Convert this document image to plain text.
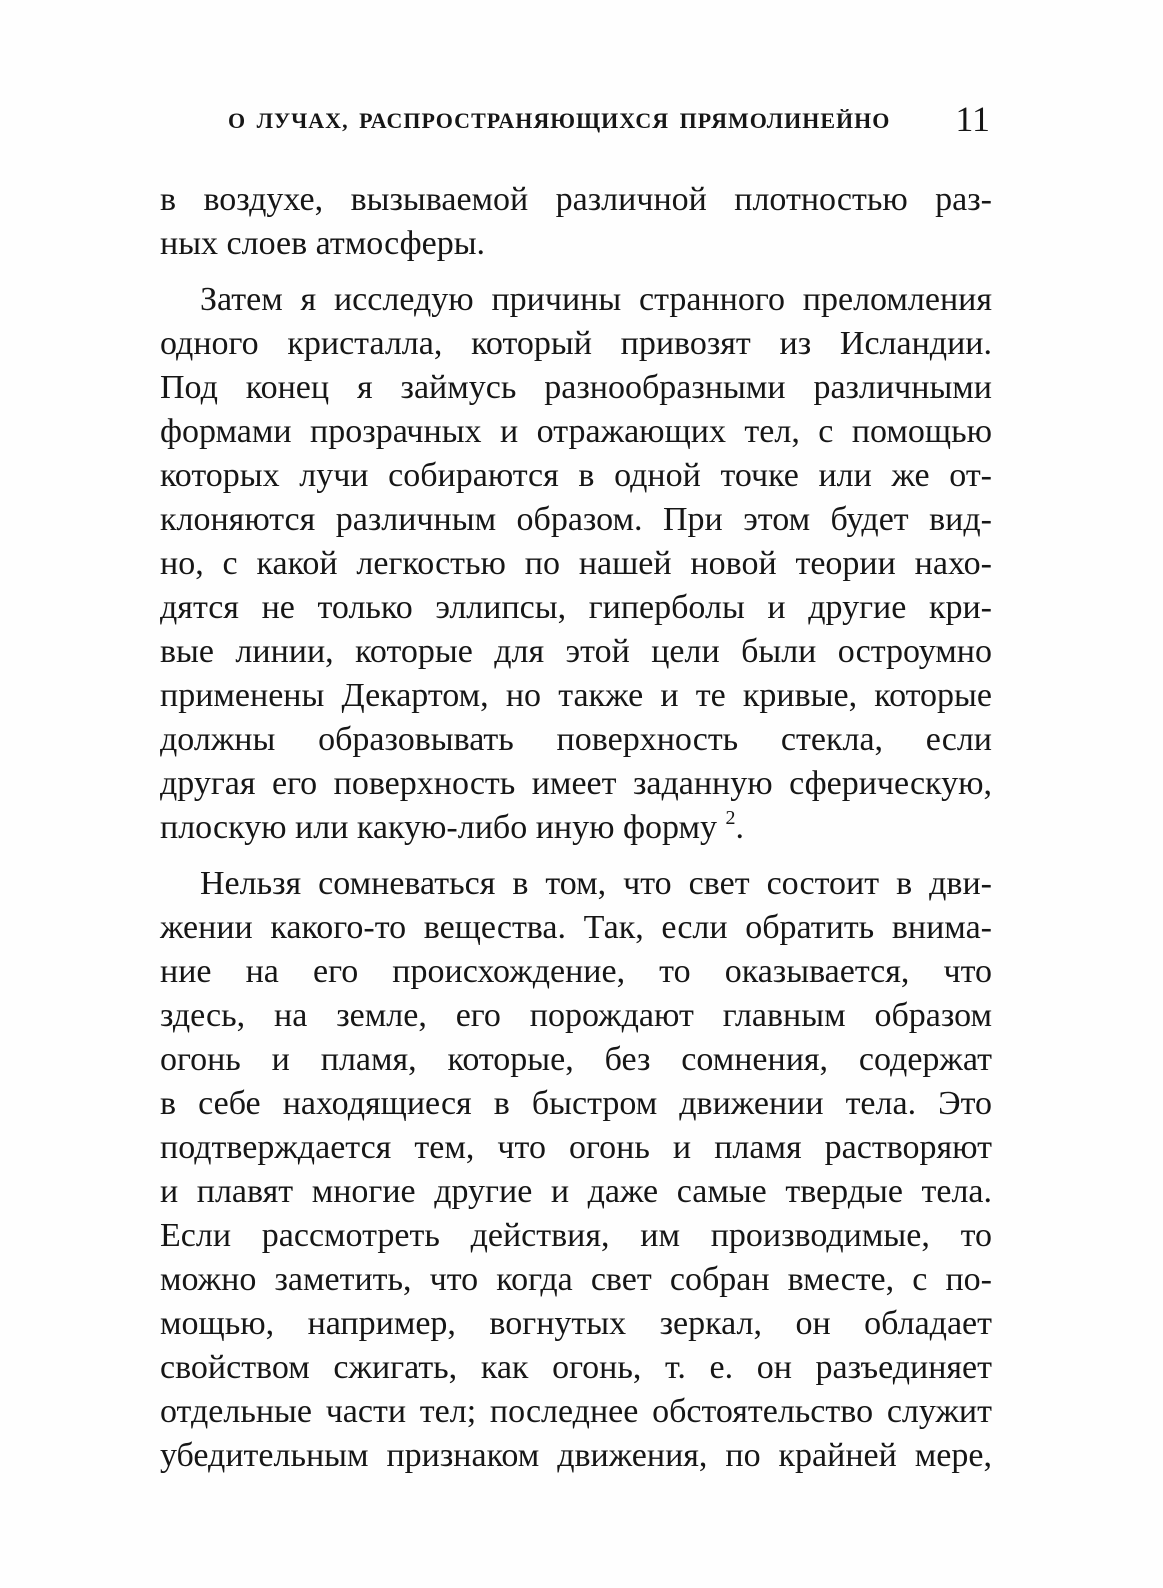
О ЛУЧАХ, РАСПРОСТРАНЯЮЩИХСЯ ПРЯМОЛИНЕЙНО 11
в воздухе, вызываемой различной плотностью раз-
ных слоев атмосферы.
Затем я исследую причины странного преломления
одного кристалла, который привозят из Исландии.
Под конец я займусь разнообразными различными
формами прозрачных и отражающих тел, с помощью
которых лучи собираются в одной точке или же от-
клоняются различным образом. При этом будет вид-
но, с какой легкостью по нашей новой теории нахо-
дятся не только эллипсы, гиперболы и другие кри-
вые линии, которые для этой цели были остроумно
применены Декартом, но также и те кривые, которые
должны образовывать поверхность стекла, если
другая его поверхность имеет заданную сферическую,
плоскую или какую-либо иную форму $^2$.
Нельзя сомневаться в том, что свет состоит в дви-
жении какого-то вещества. Так, если обратить внима-
ние на его происхождение, то оказывается, что
здесь, на земле, его порождают главным образом
огонь и пламя, которые, без сомнения, содержат
в себе находящиеся в быстром движении тела. Это
подтверждается тем, что огонь и пламя растворяют
и плавят многие другие и даже самые твердые тела.
Если рассмотреть действия, им производимые, то
можно заметить, что когда свет собран вместе, с по-
мощью, например, вогнутых зеркал, он обладает
свойством сжигать, как огонь, т. е. он разъединяет
отдельные части тел; последнее обстоятельство служит
убедительным признаком движения, по крайней мере,
